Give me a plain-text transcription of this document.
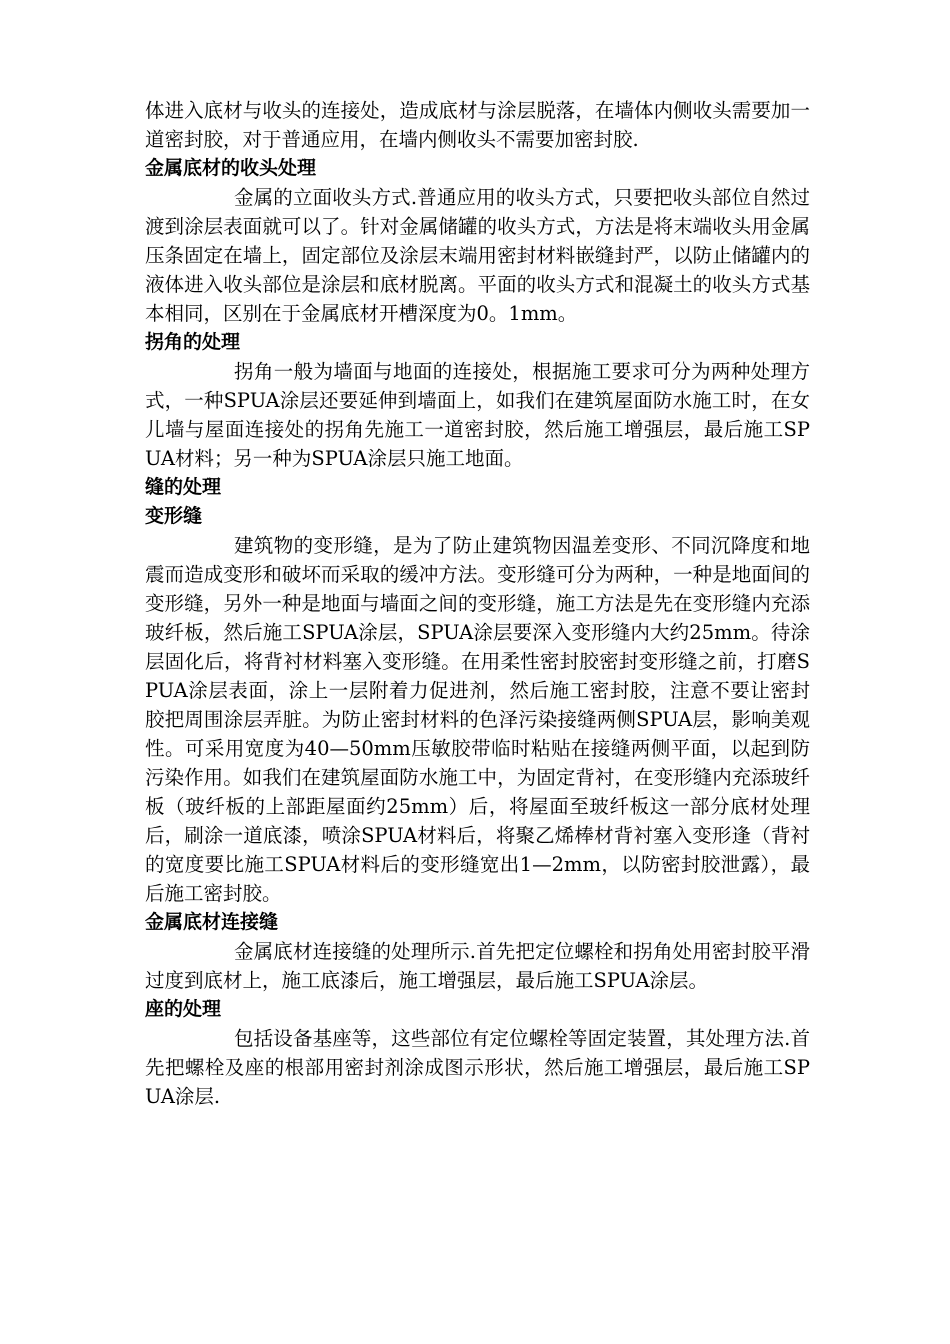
体进入底材与收头的连接处，造成底材与涂层脱落，在墙体内侧收头需要加一道密封胶，对于普通应用，在墙内侧收头不需要加密封胶.

金属底材的收头处理

金属的立面收头方式.普通应用的收头方式，只要把收头部位自然过渡到涂层表面就可以了。针对金属储罐的收头方式，方法是将末端收头用金属压条固定在墙上，固定部位及涂层末端用密封材料嵌缝封严，以防止储罐内的液体进入收头部位是涂层和底材脱离。平面的收头方式和混凝土的收头方式基本相同，区别在于金属底材开槽深度为0。1mm。

拐角的处理

拐角一般为墙面与地面的连接处，根据施工要求可分为两种处理方式，一种SPUA涂层还要延伸到墙面上，如我们在建筑屋面防水施工时，在女儿墙与屋面连接处的拐角先施工一道密封胶，然后施工增强层，最后施工SPUA材料；另一种为SPUA涂层只施工地面。

缝的处理
变形缝

建筑物的变形缝，是为了防止建筑物因温差变形、不同沉降度和地震而造成变形和破坏而采取的缓冲方法。变形缝可分为两种，一种是地面间的变形缝，另外一种是地面与墙面之间的变形缝，施工方法是先在变形缝内充添玻纤板，然后施工SPUA涂层，SPUA涂层要深入变形缝内大约25mm。待涂层固化后，将背衬材料塞入变形缝。在用柔性密封胶密封变形缝之前，打磨SPUA涂层表面，涂上一层附着力促进剂，然后施工密封胶，注意不要让密封胶把周围涂层弄脏。为防止密封材料的色泽污染接缝两侧SPUA层，影响美观性。可采用宽度为40—50mm压敏胶带临时粘贴在接缝两侧平面，以起到防污染作用。如我们在建筑屋面防水施工中，为固定背衬，在变形缝内充添玻纤板（玻纤板的上部距屋面约25mm）后，将屋面至玻纤板这一部分底材处理后，刷涂一道底漆，喷涂SPUA材料后，将聚乙烯棒材背衬塞入变形逢（背衬的宽度要比施工SPUA材料后的变形缝宽出1—2mm，以防密封胶泄露），最后施工密封胶。

金属底材连接缝

金属底材连接缝的处理所示.首先把定位螺栓和拐角处用密封胶平滑过度到底材上，施工底漆后，施工增强层，最后施工SPUA涂层。

座的处理

包括设备基座等，这些部位有定位螺栓等固定装置，其处理方法.首先把螺栓及座的根部用密封剂涂成图示形状，然后施工增强层，最后施工SPUA涂层.
